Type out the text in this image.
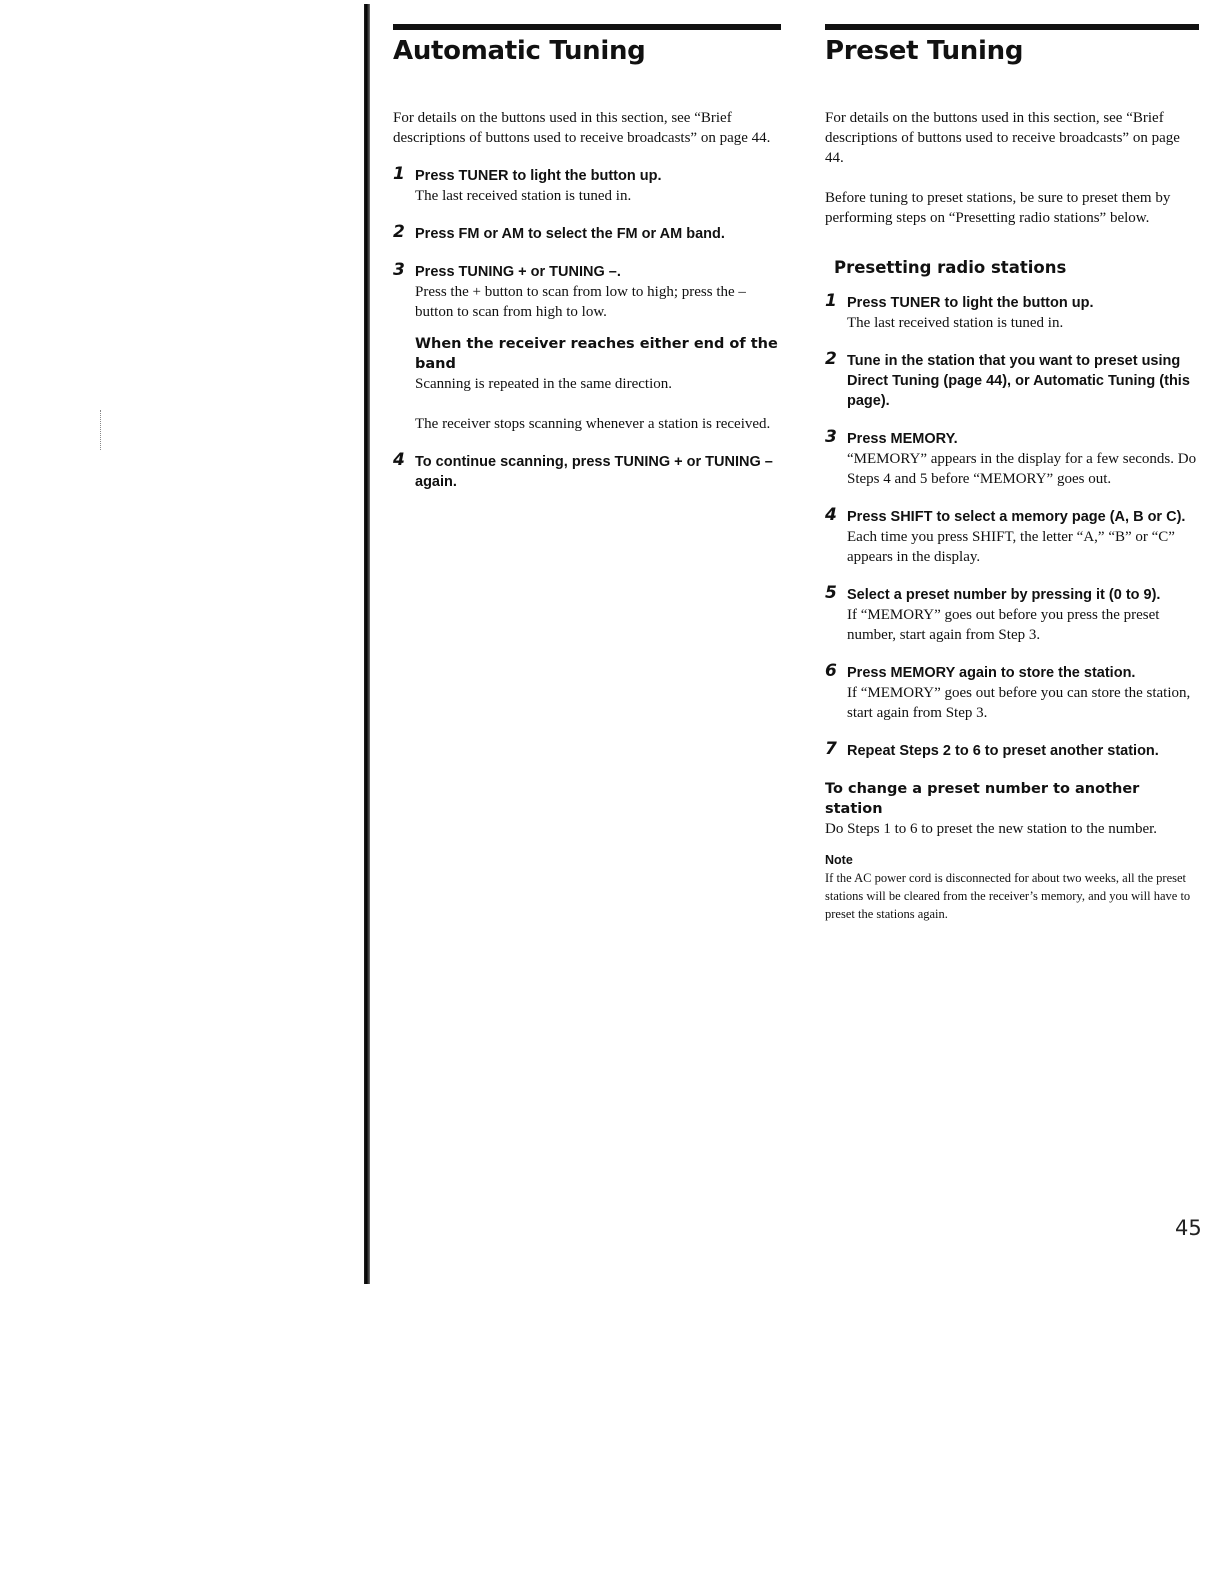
Automatic Tuning

For details on the buttons used in this section, see “Brief descriptions of buttons used to receive broadcasts” on page 44.

1 Press TUNER to light the button up.
The last received station is tuned in.
2 Press FM or AM to select the FM or AM band.
3 Press TUNING + or TUNING –.
Press the + button to scan from low to high; press the – button to scan from high to low.
When the receiver reaches either end of the band
Scanning is repeated in the same direction.
The receiver stops scanning whenever a station is received.
4 To continue scanning, press TUNING + or TUNING – again.
Preset Tuning

For details on the buttons used in this section, see “Brief descriptions of buttons used to receive broadcasts” on page 44.

Before tuning to preset stations, be sure to preset them by performing steps on “Presetting radio stations” below.

Presetting radio stations
1 Press TUNER to light the button up.
The last received station is tuned in.
2 Tune in the station that you want to preset using Direct Tuning (page 44), or Automatic Tuning (this page).
3 Press MEMORY.
“MEMORY” appears in the display for a few seconds. Do Steps 4 and 5 before “MEMORY” goes out.
4 Press SHIFT to select a memory page (A, B or C).
Each time you press SHIFT, the letter “A,” “B” or “C” appears in the display.
5 Select a preset number by pressing it (0 to 9).
If “MEMORY” goes out before you press the preset number, start again from Step 3.
6 Press MEMORY again to store the station.
If “MEMORY” goes out before you can store the station, start again from Step 3.
7 Repeat Steps 2 to 6 to preset another station.
To change a preset number to another station

Do Steps 1 to 6 to preset the new station to the number.

Note

If the AC power cord is disconnected for about two weeks, all the preset stations will be cleared from the receiver’s memory, and you will have to preset the stations again.

45
